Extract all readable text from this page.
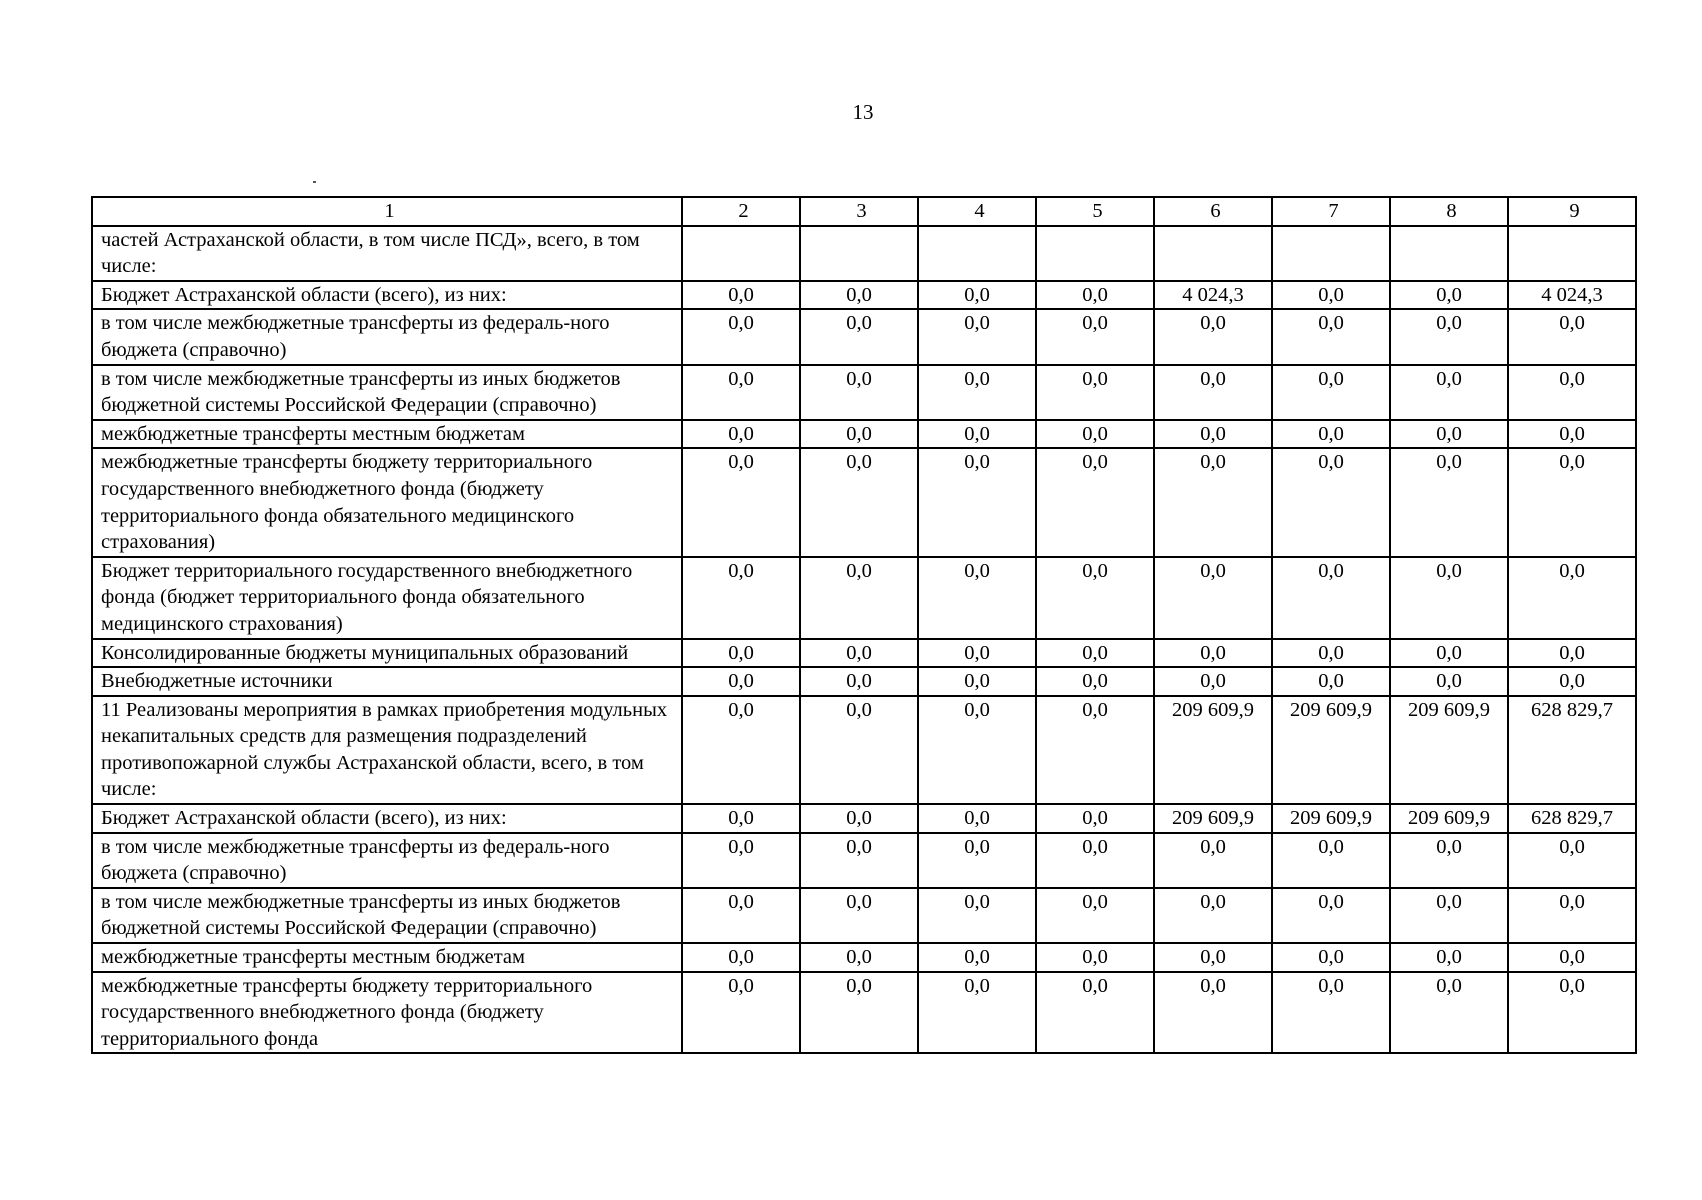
13
1	2	3	4	5	6	7	8	9
частей Астраханской области, в том числе ПСД», всего, в том числе:								
Бюджет Астраханской области (всего), из них:	0,0	0,0	0,0	0,0	4 024,3	0,0	0,0	4 024,3
в том числе межбюджетные трансферты из федераль-ного бюджета (справочно)	0,0	0,0	0,0	0,0	0,0	0,0	0,0	0,0
в том числе межбюджетные трансферты из иных бюджетов бюджетной системы Российской Федерации (справочно)	0,0	0,0	0,0	0,0	0,0	0,0	0,0	0,0
межбюджетные трансферты местным бюджетам	0,0	0,0	0,0	0,0	0,0	0,0	0,0	0,0
межбюджетные трансферты бюджету территориального государственного внебюджетного фонда (бюджету территориального фонда обязательного медицинского страхования)	0,0	0,0	0,0	0,0	0,0	0,0	0,0	0,0
Бюджет территориального государственного внебюджетного фонда (бюджет территориального фонда обязательного медицинского страхования)	0,0	0,0	0,0	0,0	0,0	0,0	0,0	0,0
Консолидированные бюджеты муниципальных образований	0,0	0,0	0,0	0,0	0,0	0,0	0,0	0,0
Внебюджетные источники	0,0	0,0	0,0	0,0	0,0	0,0	0,0	0,0
11 Реализованы мероприятия в рамках приобретения модульных некапитальных средств для размещения подразделений противопожарной службы Астраханской области, всего, в том числе:	0,0	0,0	0,0	0,0	209 609,9	209 609,9	209 609,9	628 829,7
Бюджет Астраханской области (всего), из них:	0,0	0,0	0,0	0,0	209 609,9	209 609,9	209 609,9	628 829,7
в том числе межбюджетные трансферты из федераль-ного бюджета (справочно)	0,0	0,0	0,0	0,0	0,0	0,0	0,0	0,0
в том числе межбюджетные трансферты из иных бюджетов бюджетной системы Российской Федерации (справочно)	0,0	0,0	0,0	0,0	0,0	0,0	0,0	0,0
межбюджетные трансферты местным бюджетам	0,0	0,0	0,0	0,0	0,0	0,0	0,0	0,0
межбюджетные трансферты бюджету территориального государственного внебюджетного фонда (бюджету территориального фонда	0,0	0,0	0,0	0,0	0,0	0,0	0,0	0,0
